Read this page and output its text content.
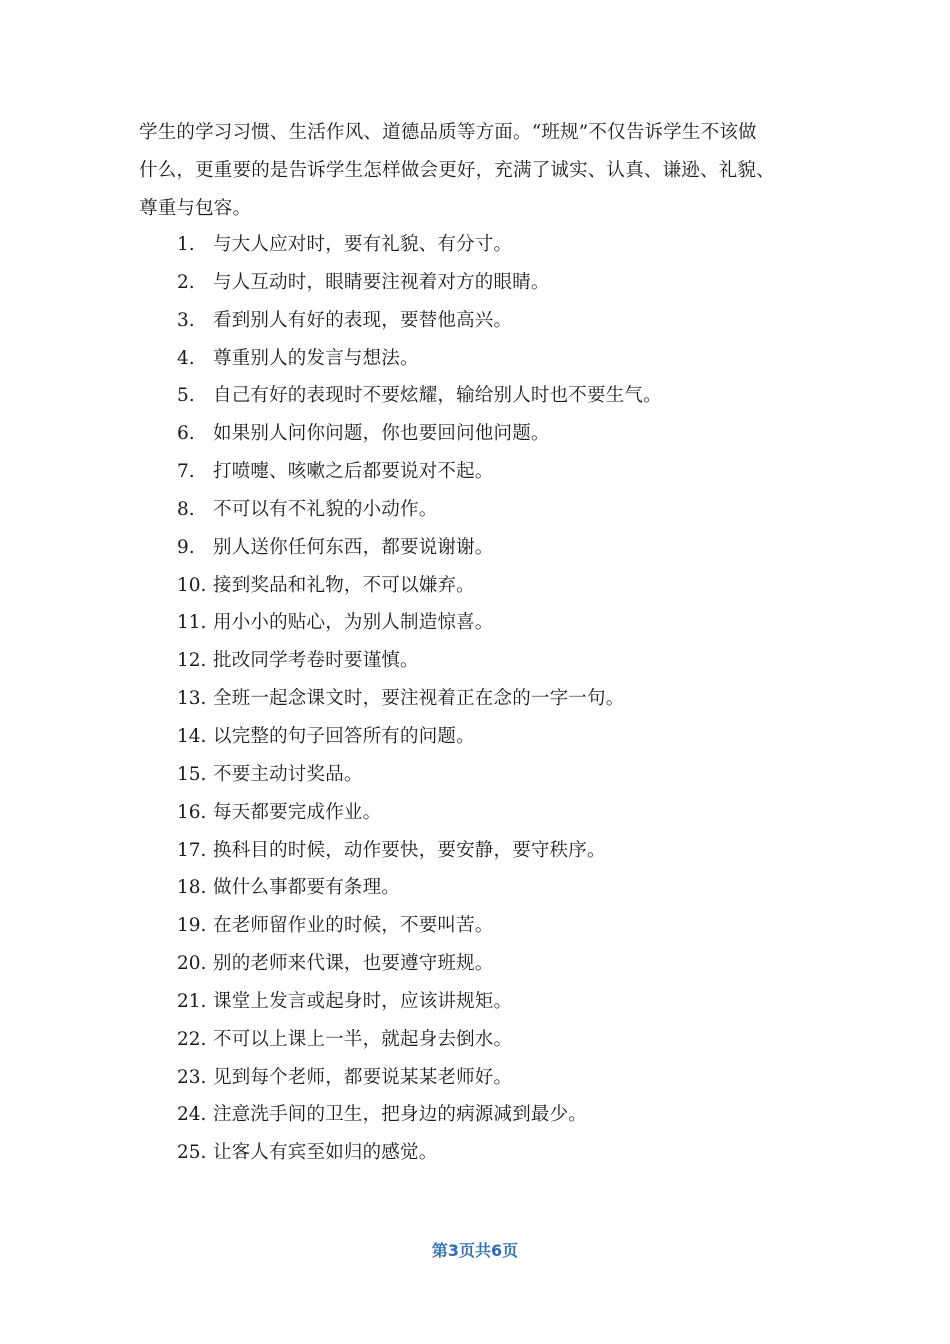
学生的学习习惯、生活作风、道德品质等方面。“班规”不仅告诉学生不该做
什么，更重要的是告诉学生怎样做会更好，充满了诚实、认真、谦逊、礼貌、
尊重与包容。
1. 与大人应对时，要有礼貌、有分寸。
2. 与人互动时，眼睛要注视着对方的眼睛。
3. 看到别人有好的表现，要替他高兴。
4. 尊重别人的发言与想法。
5. 自己有好的表现时不要炫耀，输给别人时也不要生气。
6. 如果别人问你问题，你也要回问他问题。
7. 打喷嚏、咳嗽之后都要说对不起。
8. 不可以有不礼貌的小动作。
9. 别人送你任何东西，都要说谢谢。
10. 接到奖品和礼物，不可以嫌弃。
11. 用小小的贴心，为别人制造惊喜。
12. 批改同学考卷时要谨慎。
13. 全班一起念课文时，要注视着正在念的一字一句。
14. 以完整的句子回答所有的问题。
15. 不要主动讨奖品。
16. 每天都要完成作业。
17. 换科目的时候，动作要快，要安静，要守秩序。
18. 做什么事都要有条理。
19. 在老师留作业的时候，不要叫苦。
20. 别的老师来代课，也要遵守班规。
21. 课堂上发言或起身时，应该讲规矩。
22. 不可以上课上一半，就起身去倒水。
23. 见到每个老师，都要说某某老师好。
24. 注意洗手间的卫生，把身边的病源减到最少。
25. 让客人有宾至如归的感觉。
第3页共6页
